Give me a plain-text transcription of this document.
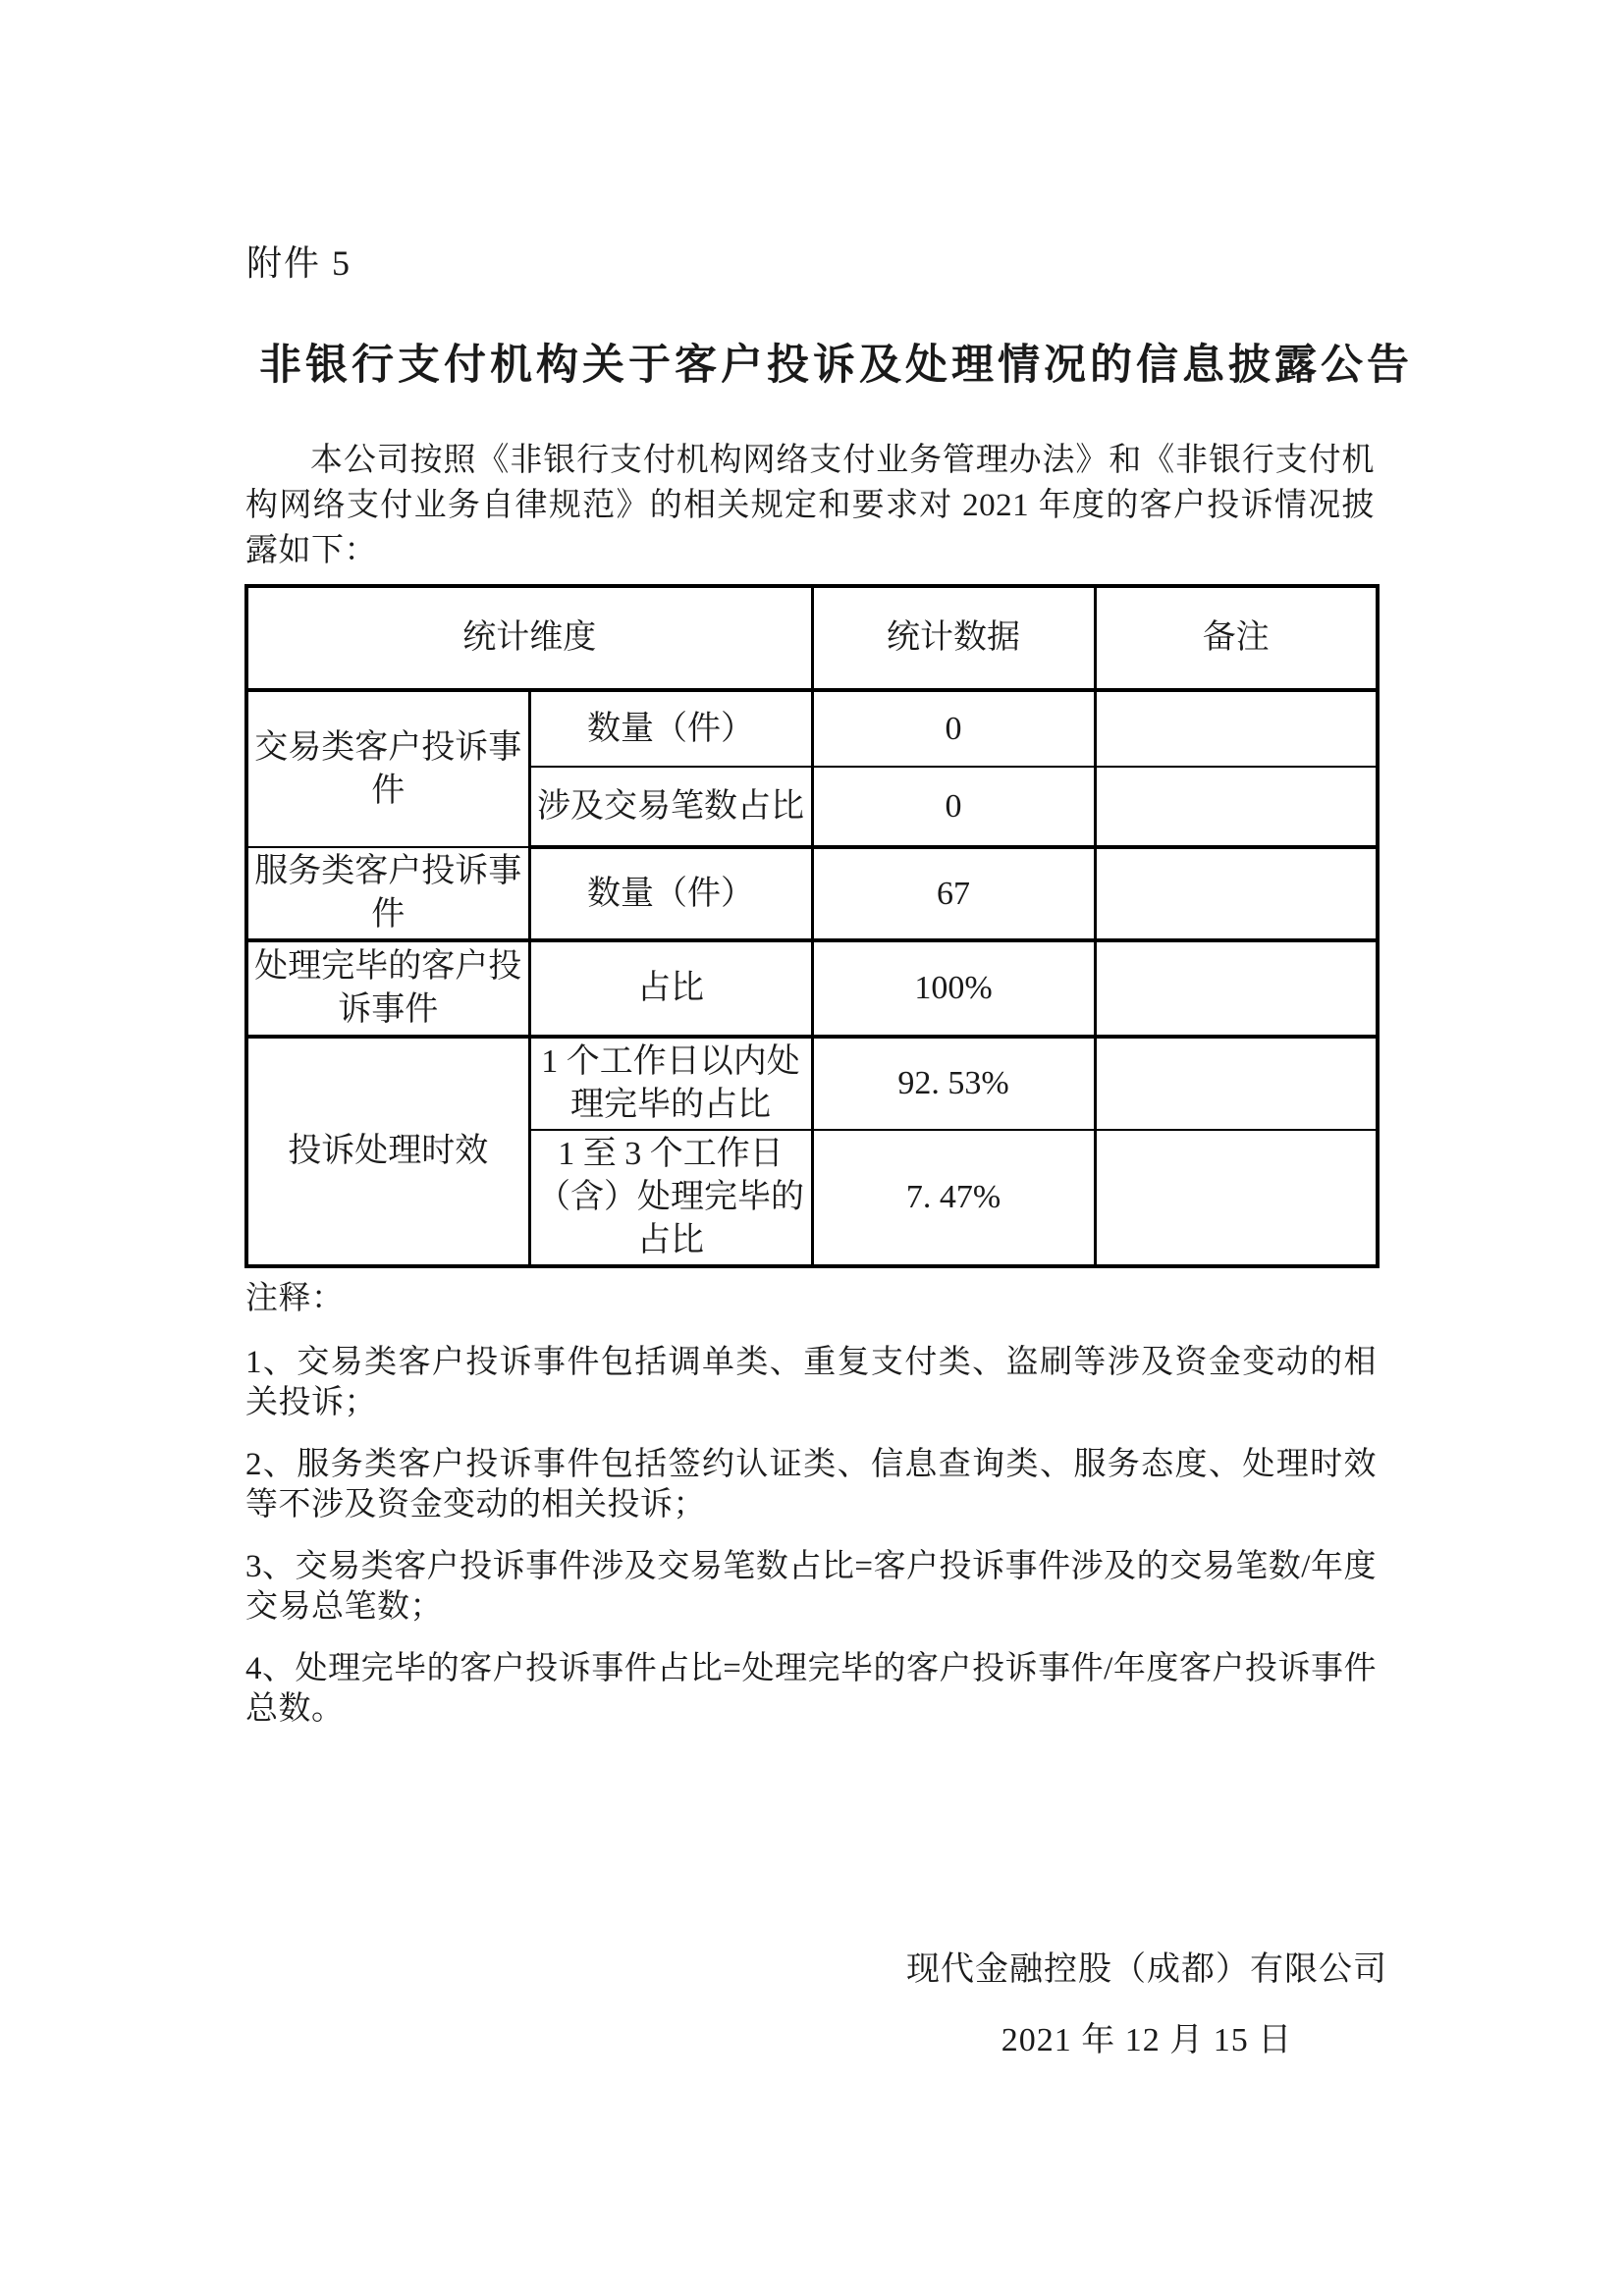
附件 5
非银行支付机构关于客户投诉及处理情况的信息披露公告

本公司按照《非银行支付机构网络支付业务管理办法》和《非银行支付机构网络支付业务自律规范》的相关规定和要求对 2021 年度的客户投诉情况披露如下：

统计维度		统计数据	备注
交易类客户投诉事件	数量（件）	0	
	涉及交易笔数占比	0	
服务类客户投诉事件	数量（件）	67	
处理完毕的客户投诉事件	占比	100%	
投诉处理时效	1 个工作日以内处理完毕的占比	92. 53%	
	1 至 3 个工作日（含）处理完毕的占比	7. 47%	

注释：

1、交易类客户投诉事件包括调单类、重复支付类、盗刷等涉及资金变动的相关投诉；

2、服务类客户投诉事件包括签约认证类、信息查询类、服务态度、处理时效等不涉及资金变动的相关投诉；

3、交易类客户投诉事件涉及交易笔数占比=客户投诉事件涉及的交易笔数/年度交易总笔数；

4、处理完毕的客户投诉事件占比=处理完毕的客户投诉事件/年度客户投诉事件总数。

现代金融控股（成都）有限公司
2021 年 12 月 15 日
